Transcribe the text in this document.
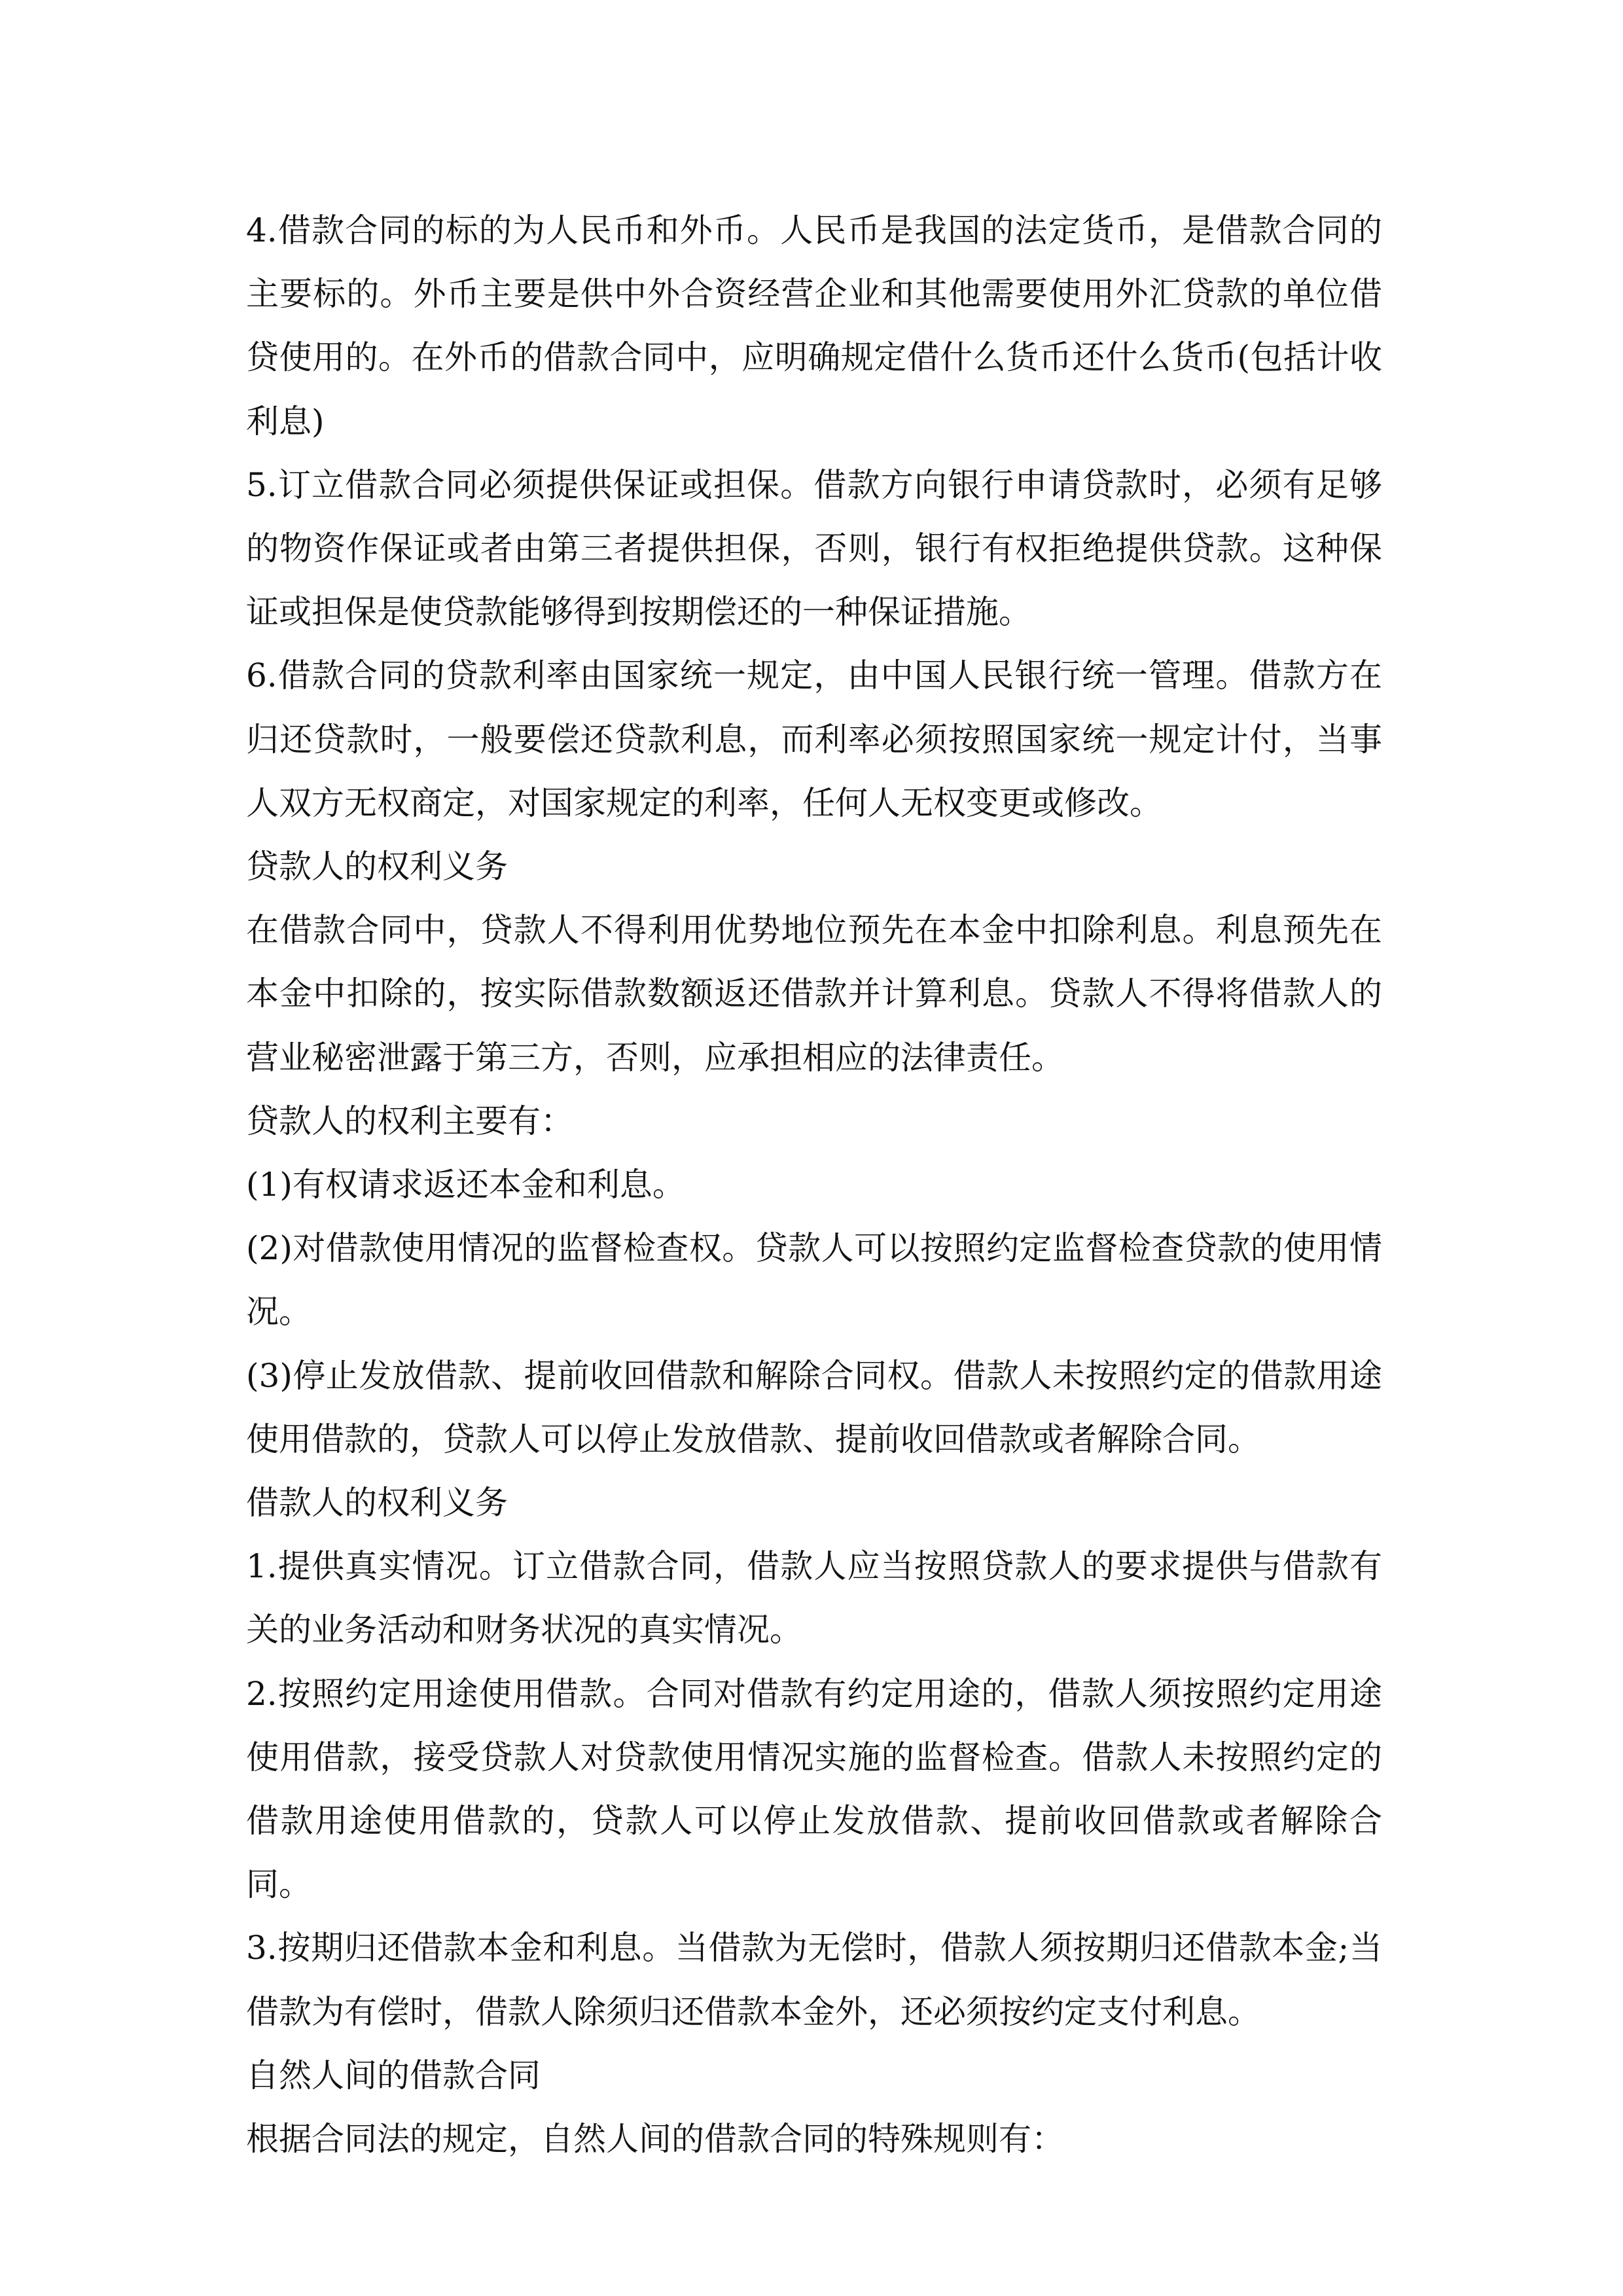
4.借款合同的标的为人民币和外币。人民币是我国的法定货币，是借款合同的主要标的。外币主要是供中外合资经营企业和其他需要使用外汇贷款的单位借贷使用的。在外币的借款合同中，应明确规定借什么货币还什么货币(包括计收利息)

5.订立借款合同必须提供保证或担保。借款方向银行申请贷款时，必须有足够的物资作保证或者由第三者提供担保，否则，银行有权拒绝提供贷款。这种保证或担保是使贷款能够得到按期偿还的一种保证措施。

6.借款合同的贷款利率由国家统一规定，由中国人民银行统一管理。借款方在归还贷款时，一般要偿还贷款利息，而利率必须按照国家统一规定计付，当事人双方无权商定，对国家规定的利率，任何人无权变更或修改。

贷款人的权利义务

在借款合同中，贷款人不得利用优势地位预先在本金中扣除利息。利息预先在本金中扣除的，按实际借款数额返还借款并计算利息。贷款人不得将借款人的营业秘密泄露于第三方，否则，应承担相应的法律责任。

贷款人的权利主要有：

(1)有权请求返还本金和利息。

(2)对借款使用情况的监督检查权。贷款人可以按照约定监督检查贷款的使用情况。

(3)停止发放借款、提前收回借款和解除合同权。借款人未按照约定的借款用途使用借款的，贷款人可以停止发放借款、提前收回借款或者解除合同。

借款人的权利义务

1.提供真实情况。订立借款合同，借款人应当按照贷款人的要求提供与借款有关的业务活动和财务状况的真实情况。

2.按照约定用途使用借款。合同对借款有约定用途的，借款人须按照约定用途使用借款，接受贷款人对贷款使用情况实施的监督检查。借款人未按照约定的借款用途使用借款的，贷款人可以停止发放借款、提前收回借款或者解除合同。

3.按期归还借款本金和利息。当借款为无偿时，借款人须按期归还借款本金;当借款为有偿时，借款人除须归还借款本金外，还必须按约定支付利息。

自然人间的借款合同

根据合同法的规定，自然人间的借款合同的特殊规则有：
